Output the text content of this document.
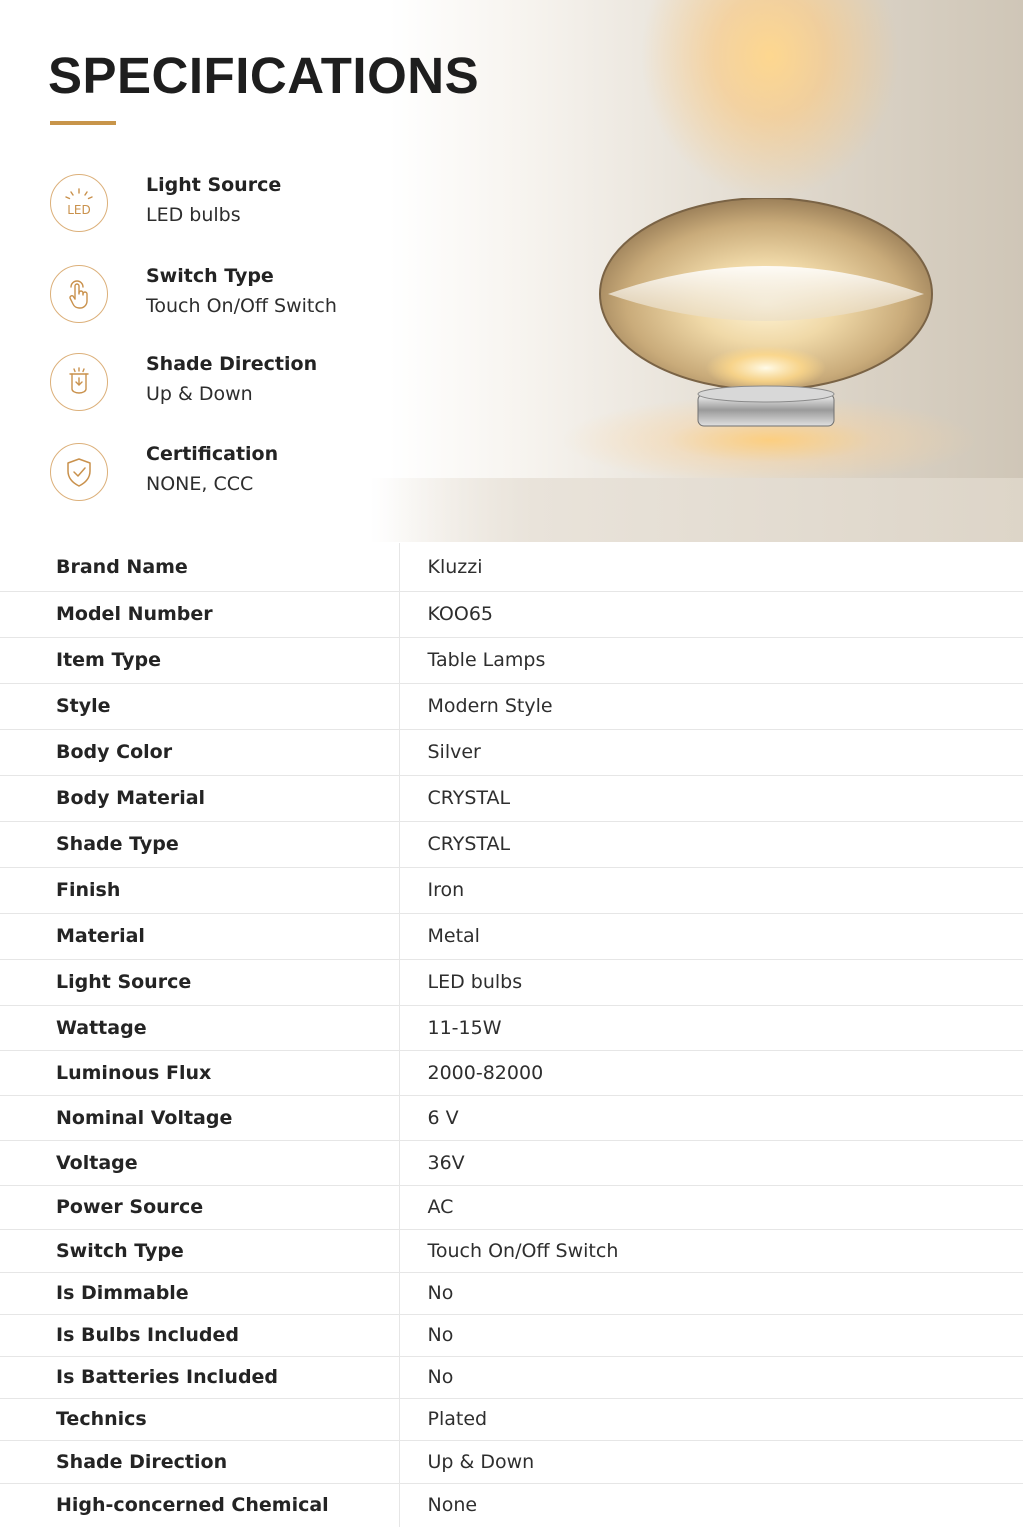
SPECIFICATIONS
LED
Light Source
LED bulbs
Switch Type
Touch On/Off Switch
Shade Direction
Up & Down
Certification
NONE, CCC
Brand Name	Kluzzi
Model Number	KOO65
Item Type	Table Lamps
Style	Modern Style
Body Color	Silver
Body Material	CRYSTAL
Shade Type	CRYSTAL
Finish	Iron
Material	Metal
Light Source	LED bulbs
Wattage	11-15W
Luminous Flux	2000-82000
Nominal Voltage	6 V
Voltage	36V
Power Source	AC
Switch Type	Touch On/Off Switch
Is Dimmable	No
Is Bulbs Included	No
Is Batteries Included	No
Technics	Plated
Shade Direction	Up & Down
High-concerned Chemical	None
